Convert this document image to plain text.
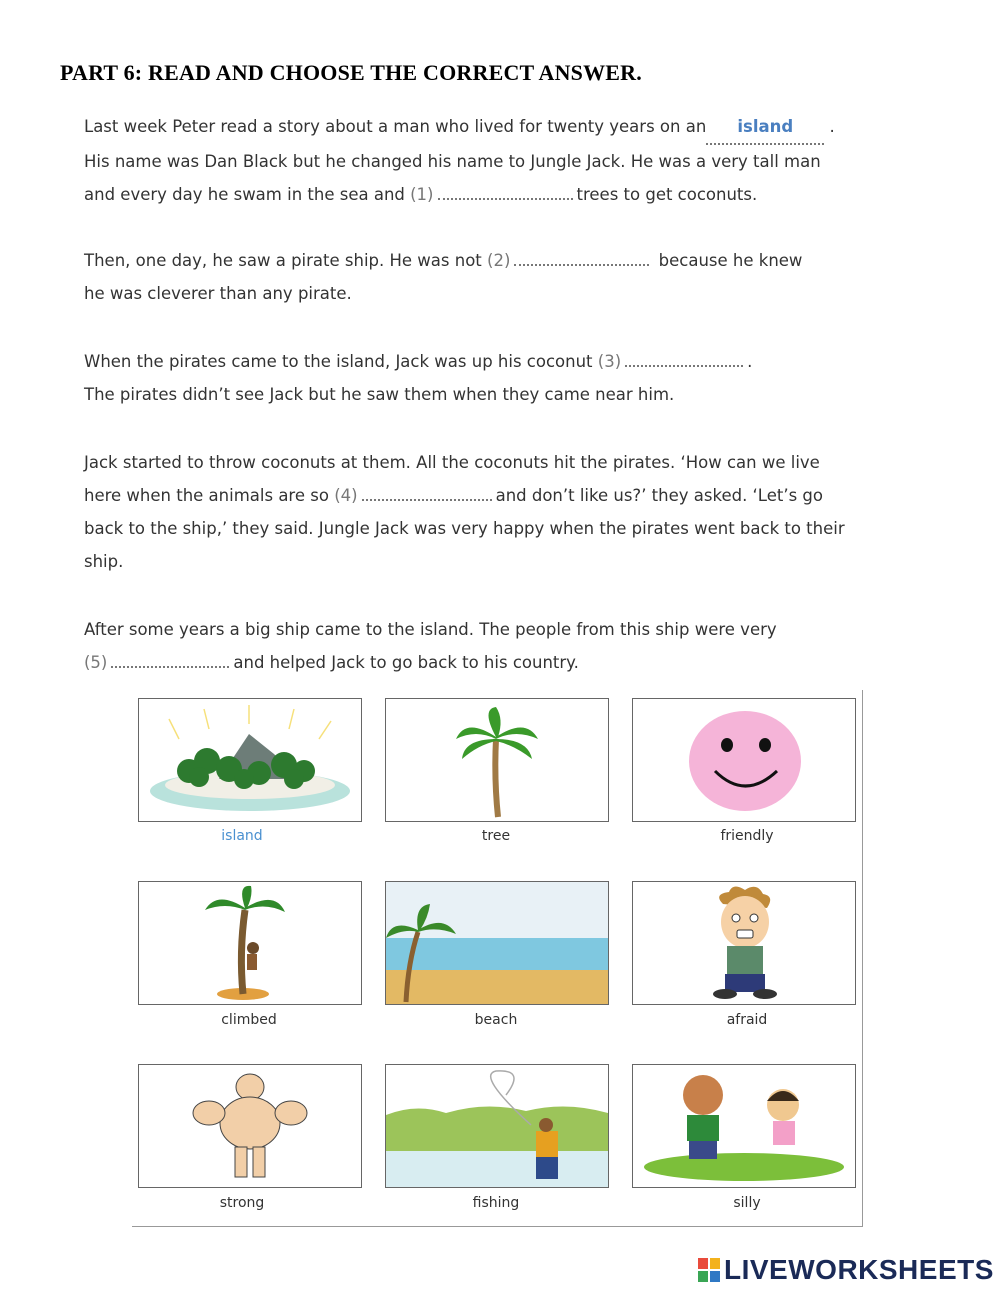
PART 6: READ AND CHOOSE THE CORRECT ANSWER.
Last week Peter read a story about a man who lived for twenty years on an island .
His name was Dan Black but he changed his name to Jungle Jack. He was a very tall man
and every day he swam in the sea and (1)	trees to get coconuts.
Then, one day, he saw a pirate ship. He was not (2)	because he knew
he was cleverer than any pirate.
When the pirates came to the island, Jack was up his coconut (3)	.
The pirates didn’t see Jack but he saw them when they came near him.
Jack started to throw coconuts at them. All the coconuts hit the pirates. ‘How can we live
here when the animals are so (4)	and don’t like us?’ they asked. ‘Let’s go
back to the ship,’ they said. Jungle Jack was very happy when the pirates went back to their
ship.
After some years a big ship came to the island. The people from this ship were very
(5)	and helped Jack to go back to his country.
island	tree	friendly
climbed	beach	afraid
strong	fishing	silly
LIVEWORKSHEETS
